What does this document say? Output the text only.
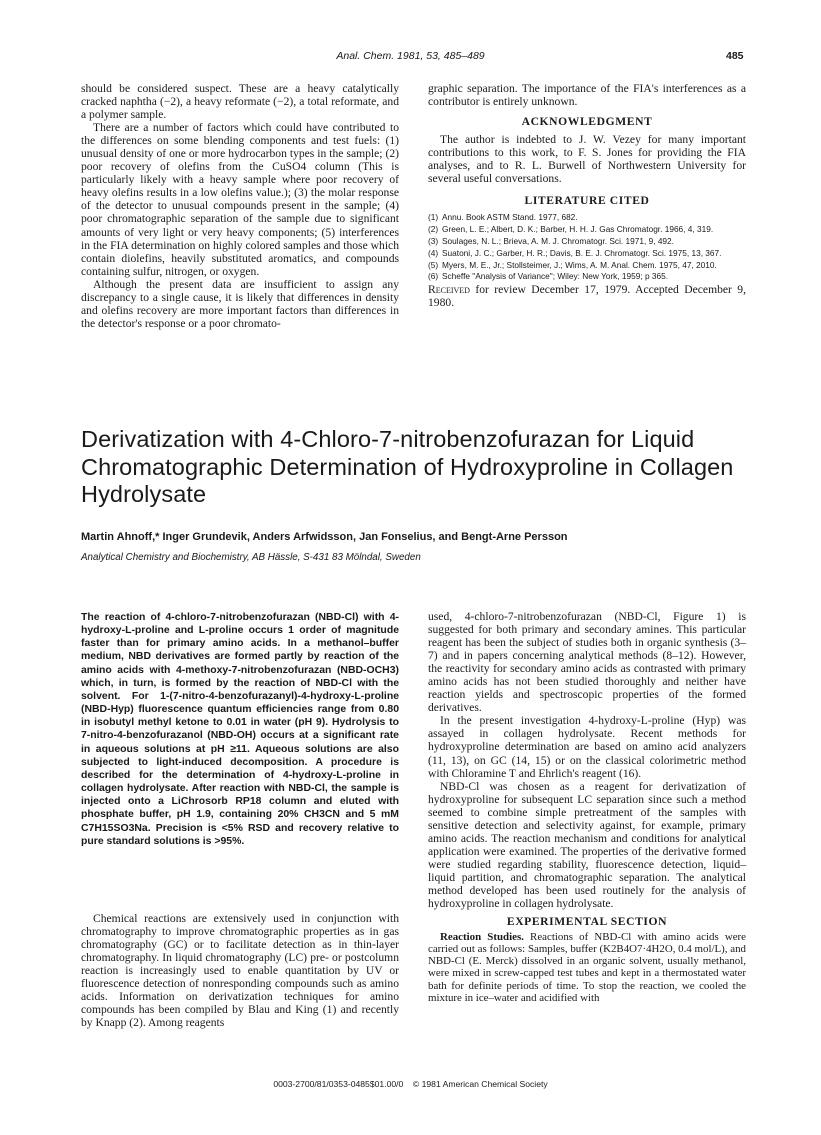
Anal. Chem. 1981, 53, 485–489	485

should be considered suspect. These are a heavy catalytically cracked naphtha (−2), a heavy reformate (−2), a total reformate, and a polymer sample.

There are a number of factors which could have contributed to the differences on some blending components and test fuels: (1) unusual density of one or more hydrocarbon types in the sample; (2) poor recovery of olefins from the CuSO4 column (This is particularly likely with a heavy sample where poor recovery of heavy olefins results in a low olefins value.); (3) the molar response of the detector to unusual compounds present in the sample; (4) poor chromatographic separation of the sample due to significant amounts of very light or very heavy components; (5) interferences in the FIA determination on highly colored samples and those which contain diolefins, heavily substituted aromatics, and compounds containing sulfur, nitrogen, or oxygen.

Although the present data are insufficient to assign any discrepancy to a single cause, it is likely that differences in density and olefins recovery are more important factors than differences in the detector's response or a poor chromato-

graphic separation. The importance of the FIA's interferences as a contributor is entirely unknown.

ACKNOWLEDGMENT

The author is indebted to J. W. Vezey for many important contributions to this work, to F. S. Jones for providing the FIA analyses, and to R. L. Burwell of Northwestern University for several useful conversations.

LITERATURE CITED
(1) Annu. Book ASTM Stand. 1977, 682.
(2) Green, L. E.; Albert, D. K.; Barber, H. H. J. Gas Chromatogr. 1966, 4, 319.
(3) Soulages, N. L.; Brieva, A. M. J. Chromatogr. Sci. 1971, 9, 492.
(4) Suatoni, J. C.; Garber, H. R.; Davis, B. E. J. Chromatogr. Sci. 1975, 13, 367.
(5) Myers, M. E., Jr.; Stollsteimer, J.; Wims, A. M. Anal. Chem. 1975, 47, 2010.
(6) Scheffe "Analysis of Variance"; Wiley: New York, 1959; p 365.

Received for review December 17, 1979. Accepted December 9, 1980.

Derivatization with 4-Chloro-7-nitrobenzofurazan for Liquid Chromatographic Determination of Hydroxyproline in Collagen Hydrolysate
Martin Ahnoff,* Inger Grundevik, Anders Arfwidsson, Jan Fonselius, and Bengt-Arne Persson
Analytical Chemistry and Biochemistry, AB Hässle, S-431 83 Mölndal, Sweden

The reaction of 4-chloro-7-nitrobenzofurazan (NBD-Cl) with 4-hydroxy-L-proline and L-proline occurs 1 order of magnitude faster than for primary amino acids. In a methanol–buffer medium, NBD derivatives are formed partly by reaction of the amino acids with 4-methoxy-7-nitrobenzofurazan (NBD-OCH3) which, in turn, is formed by the reaction of NBD-Cl with the solvent. For 1-(7-nitro-4-benzofurazanyl)-4-hydroxy-L-proline (NBD-Hyp) fluorescence quantum efficiencies range from 0.80 in isobutyl methyl ketone to 0.01 in water (pH 9). Hydrolysis to 7-nitro-4-benzofurazanol (NBD-OH) occurs at a significant rate in aqueous solutions at pH ≥11. Aqueous solutions are also subjected to light-induced decomposition. A procedure is described for the determination of 4-hydroxy-L-proline in collagen hydrolysate. After reaction with NBD-Cl, the sample is injected onto a LiChrosorb RP18 column and eluted with phosphate buffer, pH 1.9, containing 20% CH3CN and 5 mM C7H15SO3Na. Precision is <5% RSD and recovery relative to pure standard solutions is >95%.

Chemical reactions are extensively used in conjunction with chromatography to improve chromatographic properties as in gas chromatography (GC) or to facilitate detection as in thin-layer chromatography. In liquid chromatography (LC) pre- or postcolumn reaction is increasingly used to enable quantitation by UV or fluorescence detection of nonresponding compounds such as amino acids. Information on derivatization techniques for amino compounds has been compiled by Blau and King (1) and recently by Knapp (2). Among reagents

used, 4-chloro-7-nitrobenzofurazan (NBD-Cl, Figure 1) is suggested for both primary and secondary amines. This particular reagent has been the subject of studies both in organic synthesis (3–7) and in papers concerning analytical methods (8–12). However, the reactivity for secondary amino acids as contrasted with primary amino acids has not been studied thoroughly and neither have reaction yields and spectroscopic properties of the formed derivatives.

In the present investigation 4-hydroxy-L-proline (Hyp) was assayed in collagen hydrolysate. Recent methods for hydroxyproline determination are based on amino acid analyzers (11, 13), on GC (14, 15) or on the classical colorimetric method with Chloramine T and Ehrlich's reagent (16).

NBD-Cl was chosen as a reagent for derivatization of hydroxyproline for subsequent LC separation since such a method seemed to combine simple pretreatment of the samples with sensitive detection and selectivity against, for example, primary amino acids. The reaction mechanism and conditions for analytical application were examined. The properties of the derivative formed were studied regarding stability, fluorescence detection, liquid–liquid partition, and chromatographic separation. The analytical method developed has been used routinely for the analysis of hydroxyproline in collagen hydrolysate.

EXPERIMENTAL SECTION

Reaction Studies. Reactions of NBD-Cl with amino acids were carried out as follows: Samples, buffer (K2B4O7·4H2O, 0.4 mol/L), and NBD-Cl (E. Merck) dissolved in an organic solvent, usually methanol, were mixed in screw-capped test tubes and kept in a thermostated water bath for definite periods of time. To stop the reaction, we cooled the mixture in ice–water and acidified with

0003-2700/81/0353-0485$01.00/0 © 1981 American Chemical Society
